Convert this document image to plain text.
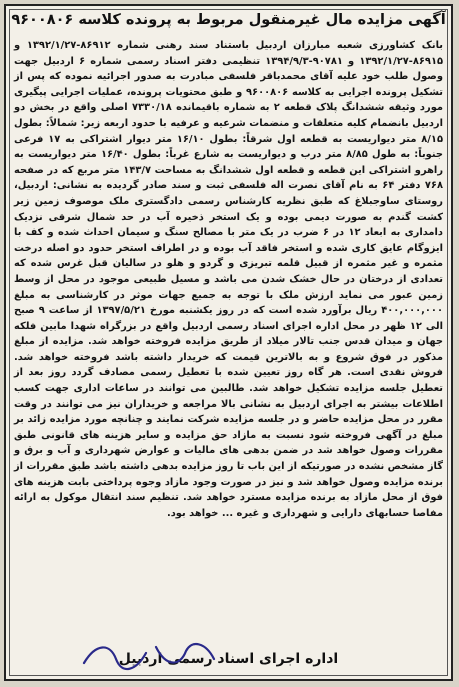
آگهی مزایده مال غیرمنقول مربوط به پرونده کلاسه ۹۶۰۰۸۰۶

بانک کشاورزی شعبه مبارزان اردبیل باستناد سند رهنی شماره ۸۶۹۱۲-۱۳۹۲/۱/۲۷ و ۸۶۹۱۵-۱۳۹۲/۱/۲۷ و ۹۰۷۸۱-۱۳۹۴/۹/۳ تنظیمی دفتر اسناد رسمی شماره ۶ اردبیل جهت وصول طلب خود علیه آقای محمدباقر فلسفی مبادرت به صدور اجرائیه نموده که پس از تشکیل پرونده اجرایی به کلاسه ۹۶۰۰۸۰۶ و طبق محتویات پرونده، عملیات اجرایی پیگیری مورد وثیقه ششدانگ پلاک قطعه ۲ به شماره باقیمانده ۷۳۳۰/۱۸ اصلی واقع در بخش دو اردبیل بانضمام کلیه متعلقات و منضمات شرعیه و عرفیه با حدود اربعه زیر: شمالاً: بطول ۸/۱۵ متر دیواریست به قطعه اول شرقاً: بطول ۱۶/۱۰ متر دیوار اشتراکی به ۱۷ فرعی جنوباً: به طول ۸/۸۵ متر درب و دیواریست به شارع غرباً: بطول ۱۶/۴۰ متر دیواریست به راهرو اشتراکی این قطعه و قطعه اول ششدانگ به مساحت ۱۴۳/۷ متر مربع که در صفحه ۷۶۸ دفتر ۶۴ به نام آقای نصرت اله فلسفی ثبت و سند صادر گردیده به نشانی: اردبیل، روستای ساوجبلاغ که طبق نظریه کارشناس رسمی دادگستری ملک موصوف زمین زیر کشت گندم به صورت دیمی بوده و یک استخر ذخیره آب در حد شمال شرقی نزدیک دامداری به ابعاد ۱۲ در ۶ ضرب در یک متر با مصالح سنگ و سیمان احداث شده و کف با ایزوگام عایق کاری شده و استخر فاقد آب بوده و در اطراف استخر حدود دو اصله درخت مثمره و غیر مثمره از قبیل قلمه تبریزی و گردو و هلو در سالیان قبل غرس شده که تعدادی از درختان در حال خشک شدن می باشد و مسیل طبیعی موجود در محل از وسط زمین عبور می نماید ارزش ملک با توجه به جمیع جهات موثر در کارشناسی به مبلغ ۴۰۰,۰۰۰,۰۰۰ ریال برآورد شده است که در روز یکشنبه مورخ ۱۳۹۷/۵/۲۱ از ساعت ۹ صبح الی ۱۲ ظهر در محل اداره اجرای اسناد رسمی اردبیل واقع در بزرگراه شهدا مابین فلکه جهان و میدان قدس جنب تالار میلاد از طریق مزایده فروخته خواهد شد. مزایده از مبلغ مذکور در فوق شروع و به بالاترین قیمت که خریدار داشته باشد فروخته خواهد شد. فروش نقدی است. هر گاه روز تعیین شده با تعطیل رسمی مصادف گردد روز بعد از تعطیل جلسه مزایده تشکیل خواهد شد. طالبین می توانند در ساعات اداری جهت کسب اطلاعات بیشتر به اجرای اردبیل به نشانی بالا مراجعه و خریداران نیز می توانند در وقت مقرر در محل مزایده حاضر و در جلسه مزایده شرکت نمایند و چنانچه مورد مزایده زائد بر مبلغ در آگهی فروخته شود نسبت به مازاد حق مزایده و سایر هزینه های قانونی طبق مقررات وصول خواهد شد در ضمن بدهی های مالیات و عوارض شهرداری و آب و برق و گاز مشخص نشده در صورتیکه از این باب تا روز مزایده بدهی داشته باشد طبق مقررات از برنده مزایده وصول خواهد شد و نیز در صورت وجود مازاد وجوه پرداختی بابت هزینه های فوق از محل مازاد به برنده مزایده مسترد خواهد شد. تنظیم سند انتقال موکول به ارائه مفاصا حسابهای دارایی و شهرداری و غیره ... خواهد بود.

اداره اجرای اسناد رسمی اردبیل
